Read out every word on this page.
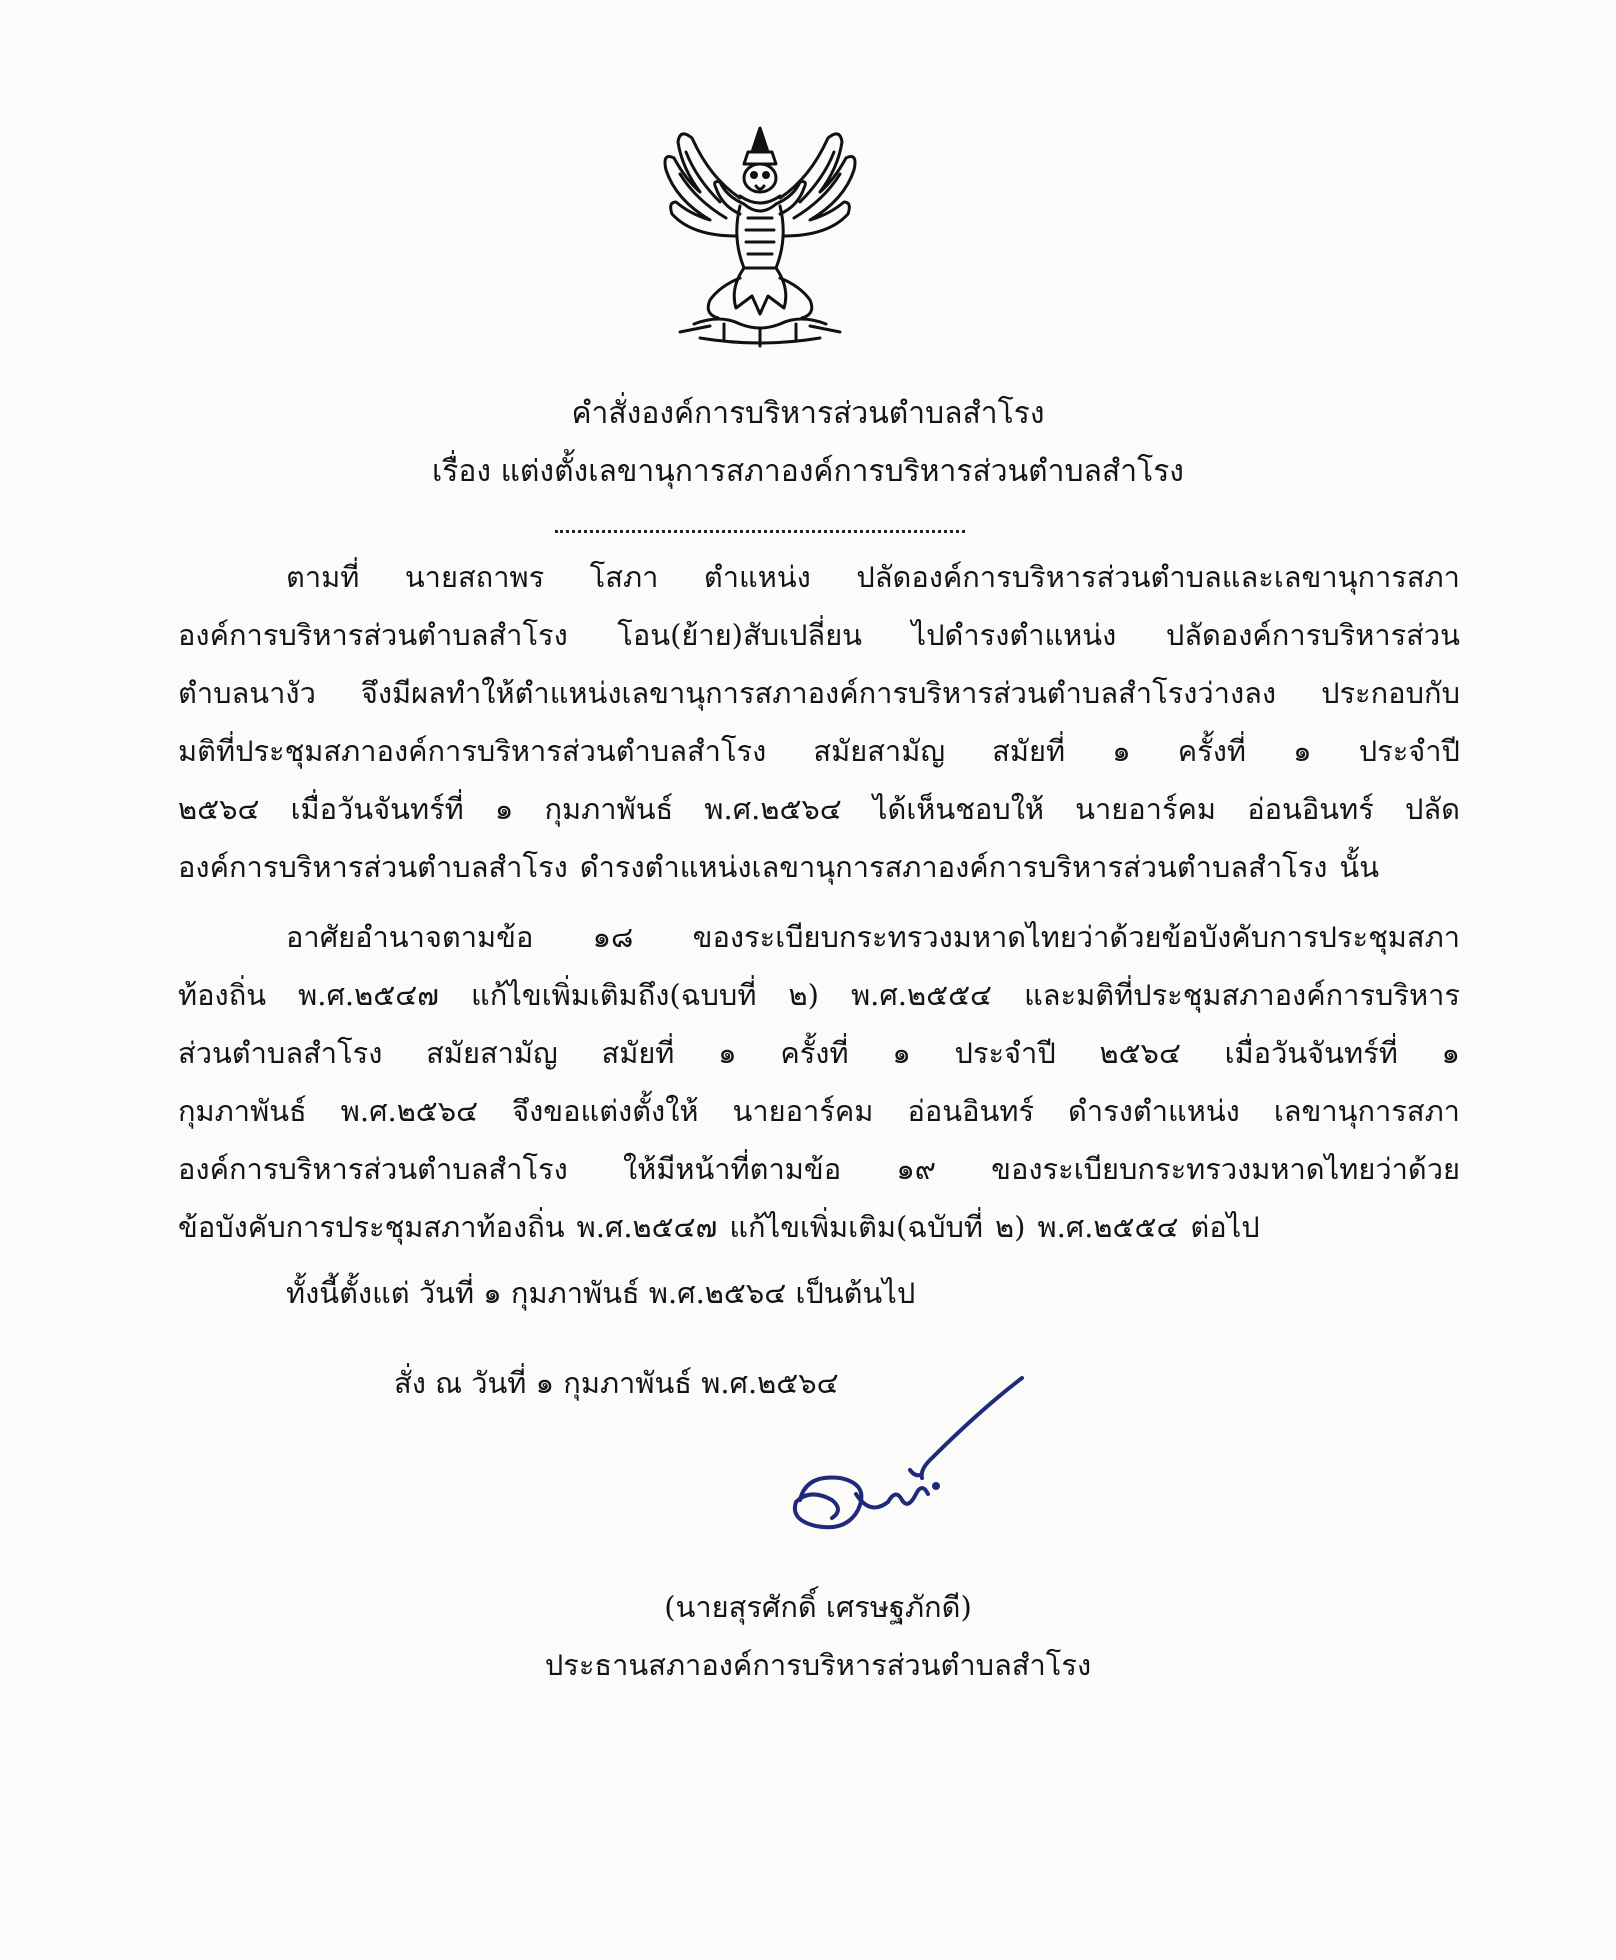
คำสั่งองค์การบริหารส่วนตำบลสำโรง
เรื่อง แต่งตั้งเลขานุการสภาองค์การบริหารส่วนตำบลสำโรง
ตามที่ นายสถาพร โสภา ตำแหน่ง ปลัดองค์การบริหารส่วนตำบลและเลขานุการสภา
องค์การบริหารส่วนตำบลสำโรง โอน(ย้าย)สับเปลี่ยน ไปดำรงตำแหน่ง ปลัดองค์การบริหารส่วน
ตำบลนางัว จึงมีผลทำให้ตำแหน่งเลขานุการสภาองค์การบริหารส่วนตำบลสำโรงว่างลง ประกอบกับ
มติที่ประชุมสภาองค์การบริหารส่วนตำบลสำโรง สมัยสามัญ สมัยที่ ๑ ครั้งที่ ๑ ประจำปี
๒๕๖๔ เมื่อวันจันทร์ที่ ๑ กุมภาพันธ์ พ.ศ.๒๕๖๔ ได้เห็นชอบให้ นายอาร์คม อ่อนอินทร์ ปลัด
องค์การบริหารส่วนตำบลสำโรง ดำรงตำแหน่งเลขานุการสภาองค์การบริหารส่วนตำบลสำโรง นั้น
อาศัยอำนาจตามข้อ ๑๘ ของระเบียบกระทรวงมหาดไทยว่าด้วยข้อบังคับการประชุมสภา
ท้องถิ่น พ.ศ.๒๕๔๗ แก้ไขเพิ่มเติมถึง(ฉบบที่ ๒) พ.ศ.๒๕๕๔ และมติที่ประชุมสภาองค์การบริหาร
ส่วนตำบลสำโรง สมัยสามัญ สมัยที่ ๑ ครั้งที่ ๑ ประจำปี ๒๕๖๔ เมื่อวันจันทร์ที่ ๑
กุมภาพันธ์ พ.ศ.๒๕๖๔ จึงขอแต่งตั้งให้ นายอาร์คม อ่อนอินทร์ ดำรงตำแหน่ง เลขานุการสภา
องค์การบริหารส่วนตำบลสำโรง ให้มีหน้าที่ตามข้อ ๑๙ ของระเบียบกระทรวงมหาดไทยว่าด้วย
ข้อบังคับการประชุมสภาท้องถิ่น พ.ศ.๒๕๔๗ แก้ไขเพิ่มเติม(ฉบับที่ ๒) พ.ศ.๒๕๕๔ ต่อไป
ทั้งนี้ตั้งแต่ วันที่ ๑ กุมภาพันธ์ พ.ศ.๒๕๖๔ เป็นต้นไป
สั่ง ณ วันที่ ๑ กุมภาพันธ์ พ.ศ.๒๕๖๔
(นายสุรศักดิ์ เศรษฐภักดี)
ประธานสภาองค์การบริหารส่วนตำบลสำโรง
